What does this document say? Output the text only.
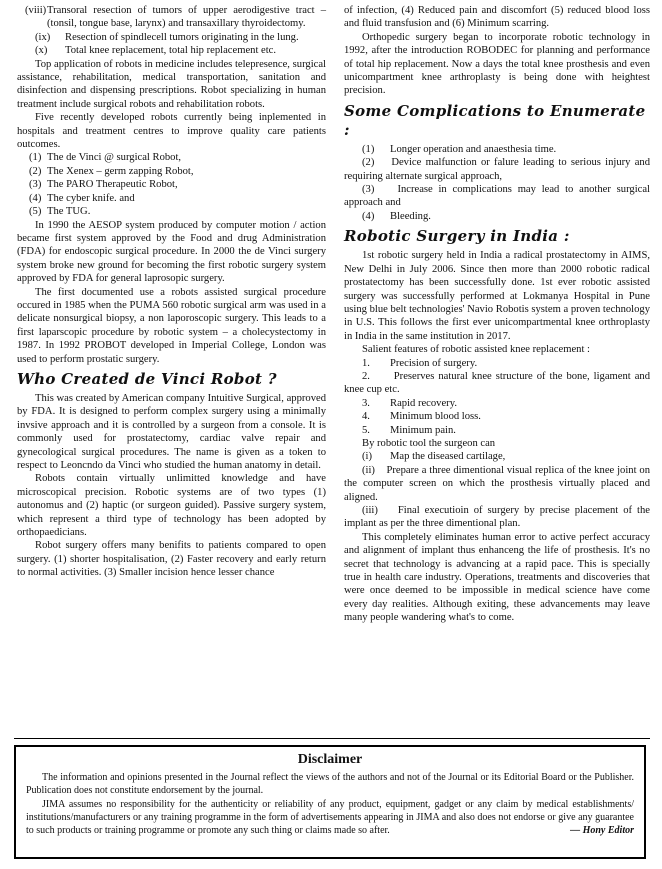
(viii) Transoral resection of tumors of upper aerodigestive tract – (tonsil, tongue base, larynx) and transaxillary thyroidectomy.
(ix)	Resection of spindlecell tumors originating in the lung.
(x)	Total knee replacement, total hip replacement etc.

Top application of robots in medicine includes telepresence, surgical assistance, rehabilitation, medical transportation, sanitation and disinfection and dispensing prescriptions. Robot specializing in human treatment include surgical robots and rehabilitation robots.

Five recently developed robots currently being inplemented in hospitals and treatment centres to improve quality care patients outcomes.

(1) The de Vinci @ surgical Robot,
(2) The Xenex – germ zapping Robot,
(3) The PARO Therapeutic Robot,
(4) The cyber knife. and
(5) The TUG.

In 1990 the AESOP system produced by computer motion / action became first system approved by the Food and drug Administration (FDA) for endoscopic surgical procedure. In 2000 the de Vinci surgery system broke new ground for becoming the first robotic surgery system approved by FDA for general laprosopic surgery.

The first documented use a robots assisted surgical procedure occured in 1985 when the PUMA 560 robotic surgical arm was used in a delicate nonsurgical biopsy, a non laporoscopic surgery. This leads to a first laparscopic procedure by robotic system – a cholecystectomy in 1987. In 1992 PROBOT developed in Imperial College, London was used to perform prostatic surgery.

Who Created de Vinci Robot ?

This was created by American company Intuitive Surgical, approved by FDA. It is designed to perform complex surgery using a minimally invsive approach and it is controlled by a surgeon from a console. It is commonly used for prostatectomy, cardiac valve repair and gynecological surgical procedures. The name is given as a token to respect to Leoncndo da Vinci who studied the human anatomy in detail.

Robots contain virtually unlimitted knowledge and have microscopical precision. Robotic systems are of two types (1) autonomus and (2) haptic (or surgeon guided). Passive surgery system, which represent a third type of technology has been adopted by orthopaedicians.

Robot surgery offers many benifits to patients compared to open surgery. (1) shorter hospitalisation, (2) Faster recovery and early return to normal activities. (3) Smaller incision hence lesser chance

of infection, (4) Reduced pain and discomfort (5) reduced blood loss and fluid transfusion and (6) Minimum scarring.

Orthopedic surgery began to incorporate robotic technology in 1992, after the introduction ROBODEC for planning and performance of total hip replacement. Now a days the total knee prosthesis and even unicompartment knee arthroplasty is being done with heightest precision.

Some Complications to Enumerate :
(1)	Longer operation and anaesthesia time.

(2) Device malfunction or falure leading to serious injury and requiring alternate surgical approach,

(3) Increase in complications may lead to another surgical approach and

(4)	Bleeding.
Robotic Surgery in India :

1st robotic surgery held in India a radical prostatectomy in AIMS, New Delhi in July 2006. Since then more than 2000 robotic radical prostatectomy has been successfully done. 1st ever robotic assisted surgery was successfully performed at Lokmanya Hospital in Pune using blue belt technologies' Navio Robotis system a proven technology in U.S. This follows the first ever unicompartmental knee orthroplasty in India in the same institution in 2017.

Salient features of robotic assisted knee replacement :

1.	Precision of surgery.

2. Preserves natural knee structure of the bone, ligament and knee cup etc.

3.	Rapid recovery.
4.	Minimum blood loss.
5.	Minimum pain.

By robotic tool the surgeon can

(i)	Map the diseased cartilage,

(ii) Prepare a three dimentional visual replica of the knee joint on the computer screen on which the prosthesis virtually placed and aligned.

(iii) Final executioin of surgery by precise placement of the implant as per the three dimentional plan.

This completely eliminates human error to active perfect accuracy and alignment of implant thus enhanceng the life of prosthesis. It's no secret that technology is advancing at a rapid pace. This is specially true in health care industry. Operations, treatments and discoveries that were once deemed to be impossible in medical science have come every day realities. Although exiting, these advancements may leave many people wandering what's to come.

Disclaimer

The information and opinions presented in the Journal reflect the views of the authors and not of the Journal or its Editorial Board or the Publisher. Publication does not constitute endorsement by the journal.

JIMA assumes no responsibility for the authenticity or reliability of any product, equipment, gadget or any claim by medical establishments/ institutions/manufacturers or any training programme in the form of advertisements appearing in JIMA and also does not endorse or give any guarantee to such products or training programme or promote any such thing or claims made so after.	— Hony Editor
